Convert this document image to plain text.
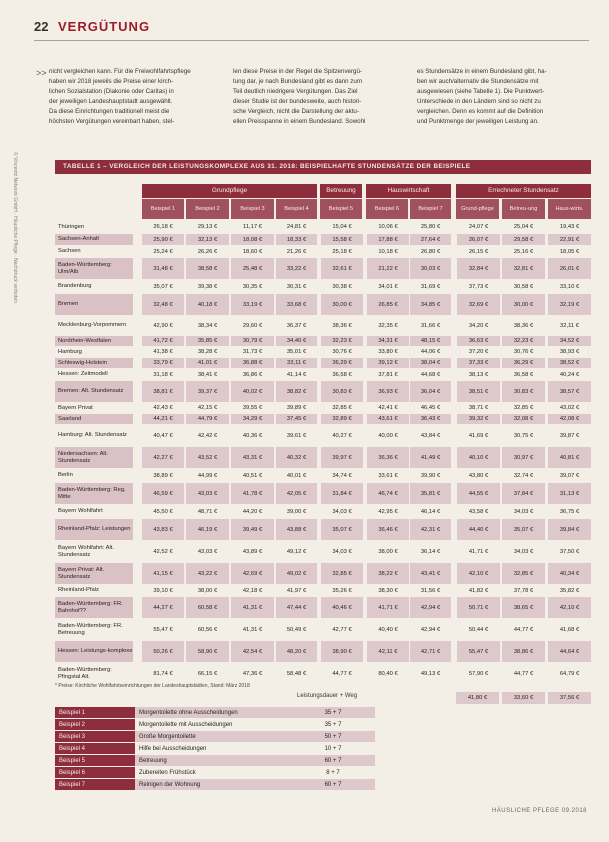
22 VERGÜTUNG
>> nicht vergleichen kann. Für die Freiwohlfahrtspflege
haben wir 2018 jeweils die Preise einer kirch-
lichen Sozialstation (Diakonie oder Caritas) in
der jeweiligen Landeshauptstadt ausgewählt.
Da diese Einrichtungen traditionell meist die
höchsten Vergütungen vereinbart haben, stel-
len diese Preise in der Regel die Spitzenvergü-
tung dar, je nach Bundesland gibt es dann zum
Teil deutlich niedrigere Vergütungen. Das Ziel
dieser Studie ist der bundesweite, auch histori-
sche Vergleich, nicht die Darstellung der aktu-
ellen Preisspanne in einem Bundesland. Sowohl
es Stundensätze in einem Bundesland gibt, ha-
ben wir auch/alternativ die Stundensätze mit
ausgewiesen (siehe Tabelle 1). Die Punktwert-
Unterschiede in den Ländern sind so nicht zu
vergleichen. Denn es kommt auf die Definition
und Punktmenge der jeweiligen Leistung an.
© Vincentz Network GmbH · Häusliche Pflege · Nachdruck verboten	TABELLE 1 – VERGLEICH DER LEISTUNGSKOMPLEXE AUS 31. 2018: BEISPIELHAFTE STUNDENSÄTZE DER BEISPIELE
Grundpflege	Betreuung	Hauswirtschaft	Errechneter Stundensatz
Beispiel 1	Beispiel 2	Beispiel 3	Beispiel 4	Beispiel 5	Beispiel 6	Beispiel 7	Grund-pflege	Betreu-ung	Haus-wirts.
Thüringen	26,18 €	29,13 €	11,17 €	24,81 €	15,04 €	10,06 €	25,80 €	24,07 €	25,04 €	19,43 €
Sachsen-Anhalt	25,90 €	32,13 €	18,08 €	18,33 €	15,58 €	17,88 €	27,64 €	26,07 €	29,58 €	22,91 €
Sachsen	25,24 €	26,26 €	18,60 €	21,26 €	25,18 €	10,18 €	26,80 €	26,15 €	25,16 €	18,05 €
Baden-Württemberg: Ulm/Alb	31,48 €	38,58 €	25,48 €	33,22 €	32,61 €	21,22 €	30,03 €	32,84 €	32,81 €	26,01 €
Brandenburg	35,07 €	39,38 €	30,35 €	30,31 €	30,38 €	34,01 €	31,69 €	37,73 €	30,58 €	33,10 €
Bremen	32,48 €	40,18 €	33,19 €	33,68 €	30,00 €	26,85 €	34,85 €	32,69 €	30,00 €	32,19 €
Mecklenburg-Vorpommern	42,90 €	38,34 €	29,60 €	36,37 €	38,36 €	32,35 €	31,66 €	34,20 €	38,36 €	32,11 €
Nordrhein-Westfalen	41,72 €	35,85 €	30,79 €	34,40 €	32,23 €	34,31 €	48,15 €	36,63 €	32,23 €	34,52 €
Hamburg	41,38 €	38,28 €	31,73 €	35,01 €	30,76 €	33,80 €	44,06 €	37,20 €	30,76 €	38,93 €
Schleswig-Holstein	33,79 €	41,01 €	36,88 €	33,11 €	36,29 €	39,12 €	38,04 €	37,33 €	36,29 €	38,52 €
Hessen: Zeitmodell	31,18 €	38,41 €	36,86 €	41,14 €	36,58 €	37,81 €	44,68 €	38,13 €	36,58 €	40,24 €
Bremen: Alt. Stundensatz	38,81 €	39,37 €	40,02 €	38,82 €	30,83 €	36,93 €	36,04 €	38,51 €	30,83 €	38,57 €
Bayern Privat	42,43 €	42,15 €	39,55 €	39,89 €	32,85 €	42,41 €	46,45 €	38,71 €	32,85 €	43,02 €
Saarland	44,21 €	44,79 €	34,29 €	37,45 €	32,89 €	43,61 €	36,43 €	39,32 €	32,08 €	42,08 €
Hamburg: Alt. Stundensatz	40,47 €	42,42 €	40,36 €	39,61 €	40,27 €	40,00 €	43,84 €	41,69 €	30,75 €	39,87 €
Niedersachsen: Alt. Stundensatz	42,27 €	43,52 €	43,31 €	40,32 €	39,97 €	36,36 €	41,49 €	40,10 €	30,97 €	40,81 €
Berlin	38,89 €	44,99 €	40,51 €	40,01 €	34,74 €	33,61 €	39,90 €	43,80 €	32,74 €	39,07 €
Baden-Württemberg: Reg. Mitte	46,59 €	43,03 €	41,78 €	42,05 €	31,84 €	46,74 €	35,81 €	44,55 €	37,84 €	31,13 €
Bayern Wohlfahrt	45,50 €	48,71 €	44,20 €	39,00 €	34,03 €	42,95 €	46,14 €	43,58 €	34,03 €	36,75 €
Rheinland-Pfalz: Leistungen	43,83 €	46,19 €	39,49 €	43,88 €	35,07 €	36,46 €	42,31 €	44,40 €	35,07 €	39,84 €
Bayern Wohlfahrt: Alt. Stundensatz	42,52 €	43,03 €	43,89 €	49,12 €	34,03 €	38,00 €	36,14 €	41,71 €	34,03 €	37,50 €
Bayern Privat: Alt. Stundensatz	41,15 €	43,22 €	42,69 €	49,02 €	32,85 €	38,22 €	43,41 €	42,10 €	32,85 €	40,34 €
Rheinland-Pfalz	39,10 €	38,00 €	42,18 €	41,97 €	35,26 €	38,30 €	31,56 €	41,82 €	37,78 €	35,82 €
Baden-Württemberg: FR. Bahnhof??	44,27 €	60,58 €	41,31 €	47,44 €	40,46 €	41,71 €	42,94 €	50,71 €	38,65 €	42,10 €
Baden-Württemberg: FR. Betreuung	55,47 €	60,56 €	41,31 €	50,49 €	42,77 €	40,40 €	42,94 €	50,44 €	44,77 €	41,68 €
Hessen: Leistungs-komplexe	50,26 €	58,90 €	42,54 €	48,20 €	38,90 €	42,11 €	42,71 €	55,47 €	38,86 €	44,64 €
Baden-Württemberg: Pfingstal Alt.	81,74 €	66,15 €	47,36 €	58,48 €	44,77 €	80,40 €	49,13 €	57,90 €	44,77 €	64,79 €
* Preise: Kirchliche Wohlfahrtseinrichtungen der Landeshauptstädten, Stand: März 2018
Leistungsdauer + Weg	41,80 €	33,60 €	37,56 €
Beispiel 1	Morgentoilette ohne Ausscheidungen	35 + 7
Beispiel 2	Morgentoilette mit Ausscheidungen	35 + 7
Beispiel 3	Große Morgentoilette	50 + 7
Beispiel 4	Hilfe bei Ausscheidungen	10 + 7
Beispiel 5	Betreuung	60 + 7
Beispiel 6	Zubereiten Frühstück	8 + 7
Beispiel 7	Reinigen der Wohnung	60 + 7
HÄUSLICHE PFLEGE 09.2018
